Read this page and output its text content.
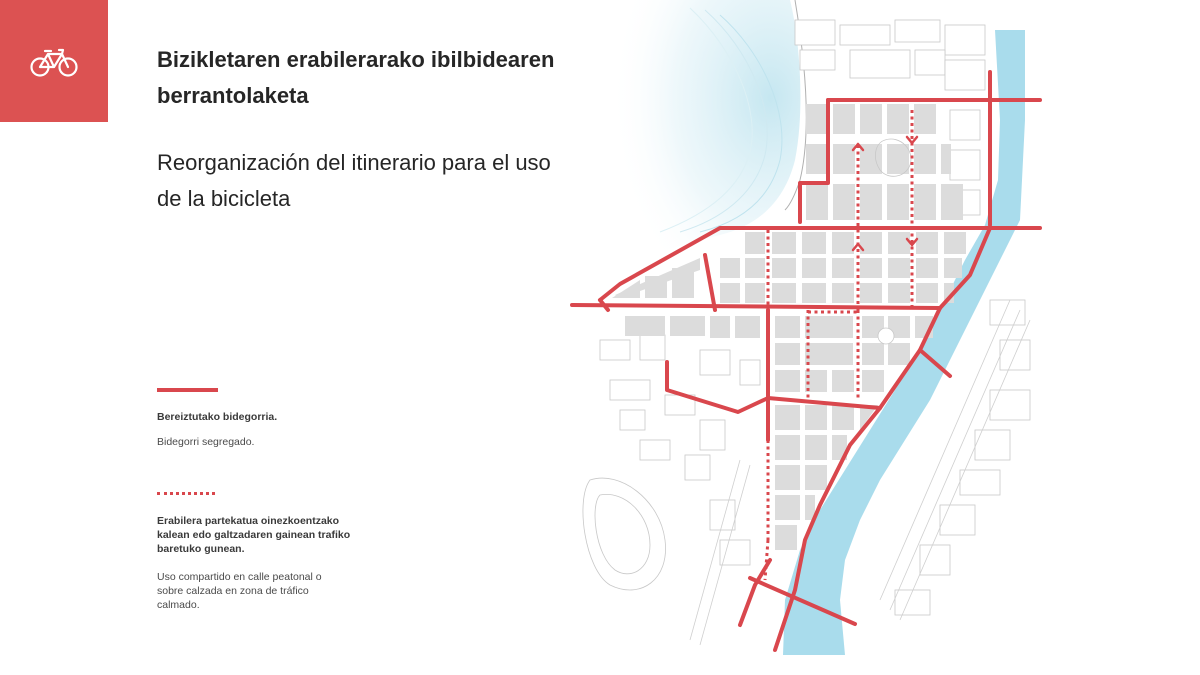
Bizikletaren erabilerarako ibilbidearen berrantolaketa
Reorganización del itinerario para el uso de la bicicleta

Bereiztutako bidegorria.

Bidegorri segregado.

Erabilera partekatua oinezkoentzako kalean edo galtzadaren gainean trafiko baretuko gunean.

Uso compartido en calle peatonal o sobre calzada en zona de tráfico calmado.
